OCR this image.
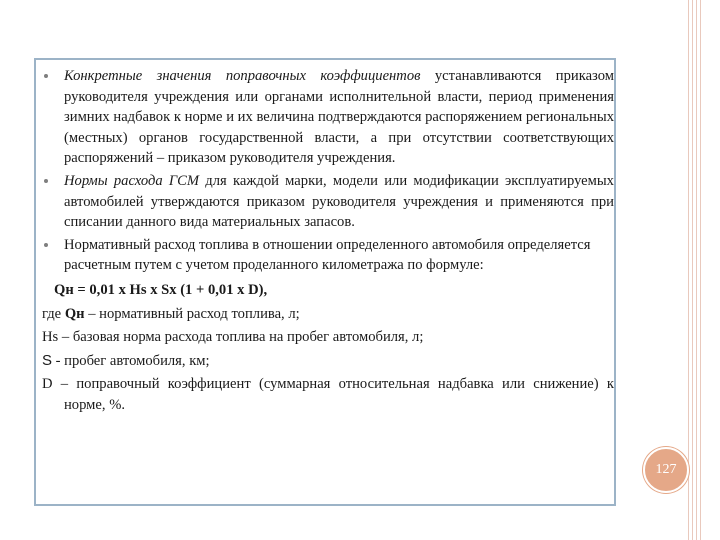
Конкретные значения поправочных коэффициентов устанавливаются приказом руководителя учреждения или органами исполнительной власти, период применения зимних надбавок к норме и их величина подтверждаются распоряжением региональных (местных) органов государственной власти, а при отсутствии соответствующих распоряжений – приказом руководителя учреждения.
Нормы расхода ГСМ для каждой марки, модели или модификации эксплуатируемых автомобилей утверждаются приказом руководителя учреждения и применяются при списании данного вида материальных запасов.
Нормативный расход топлива в отношении определенного автомобиля определяется расчетным путем с учетом проделанного километража по формуле:
Qн = 0,01 х Hs х Sх (1 + 0,01 х D),
где Qн – нормативный расход топлива, л;
Hs – базовая норма расхода топлива на пробег автомобиля, л;
S - пробег автомобиля, км;
D – поправочный коэффициент (суммарная относительная надбавка или снижение) к норме, %.
127
